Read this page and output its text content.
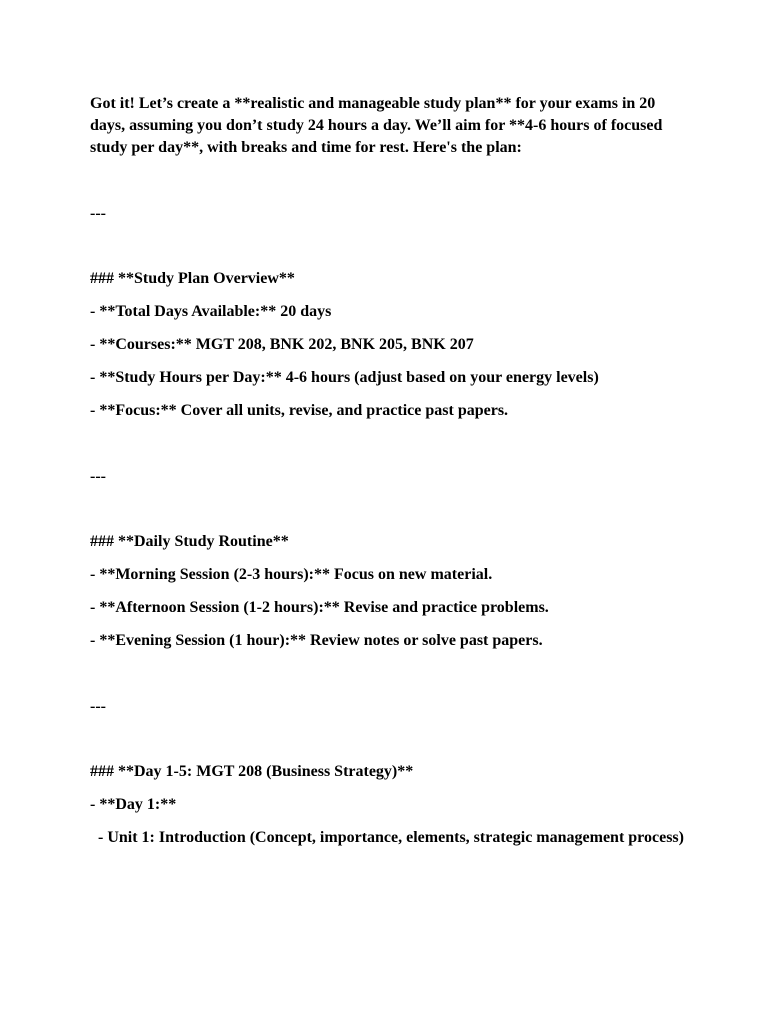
Got it! Let’s create a **realistic and manageable study plan** for your exams in 20 days, assuming you don’t study 24 hours a day. We’ll aim for **4-6 hours of focused study per day**, with breaks and time for rest. Here's the plan:

---

### **Study Plan Overview**

- **Total Days Available:** 20 days

- **Courses:** MGT 208, BNK 202, BNK 205, BNK 207

- **Study Hours per Day:** 4-6 hours (adjust based on your energy levels)

- **Focus:** Cover all units, revise, and practice past papers.

---

### **Daily Study Routine**

- **Morning Session (2-3 hours):** Focus on new material.

- **Afternoon Session (1-2 hours):** Revise and practice problems.

- **Evening Session (1 hour):** Review notes or solve past papers.

---

### **Day 1-5: MGT 208 (Business Strategy)**

- **Day 1:**

- Unit 1: Introduction (Concept, importance, elements, strategic management process)
